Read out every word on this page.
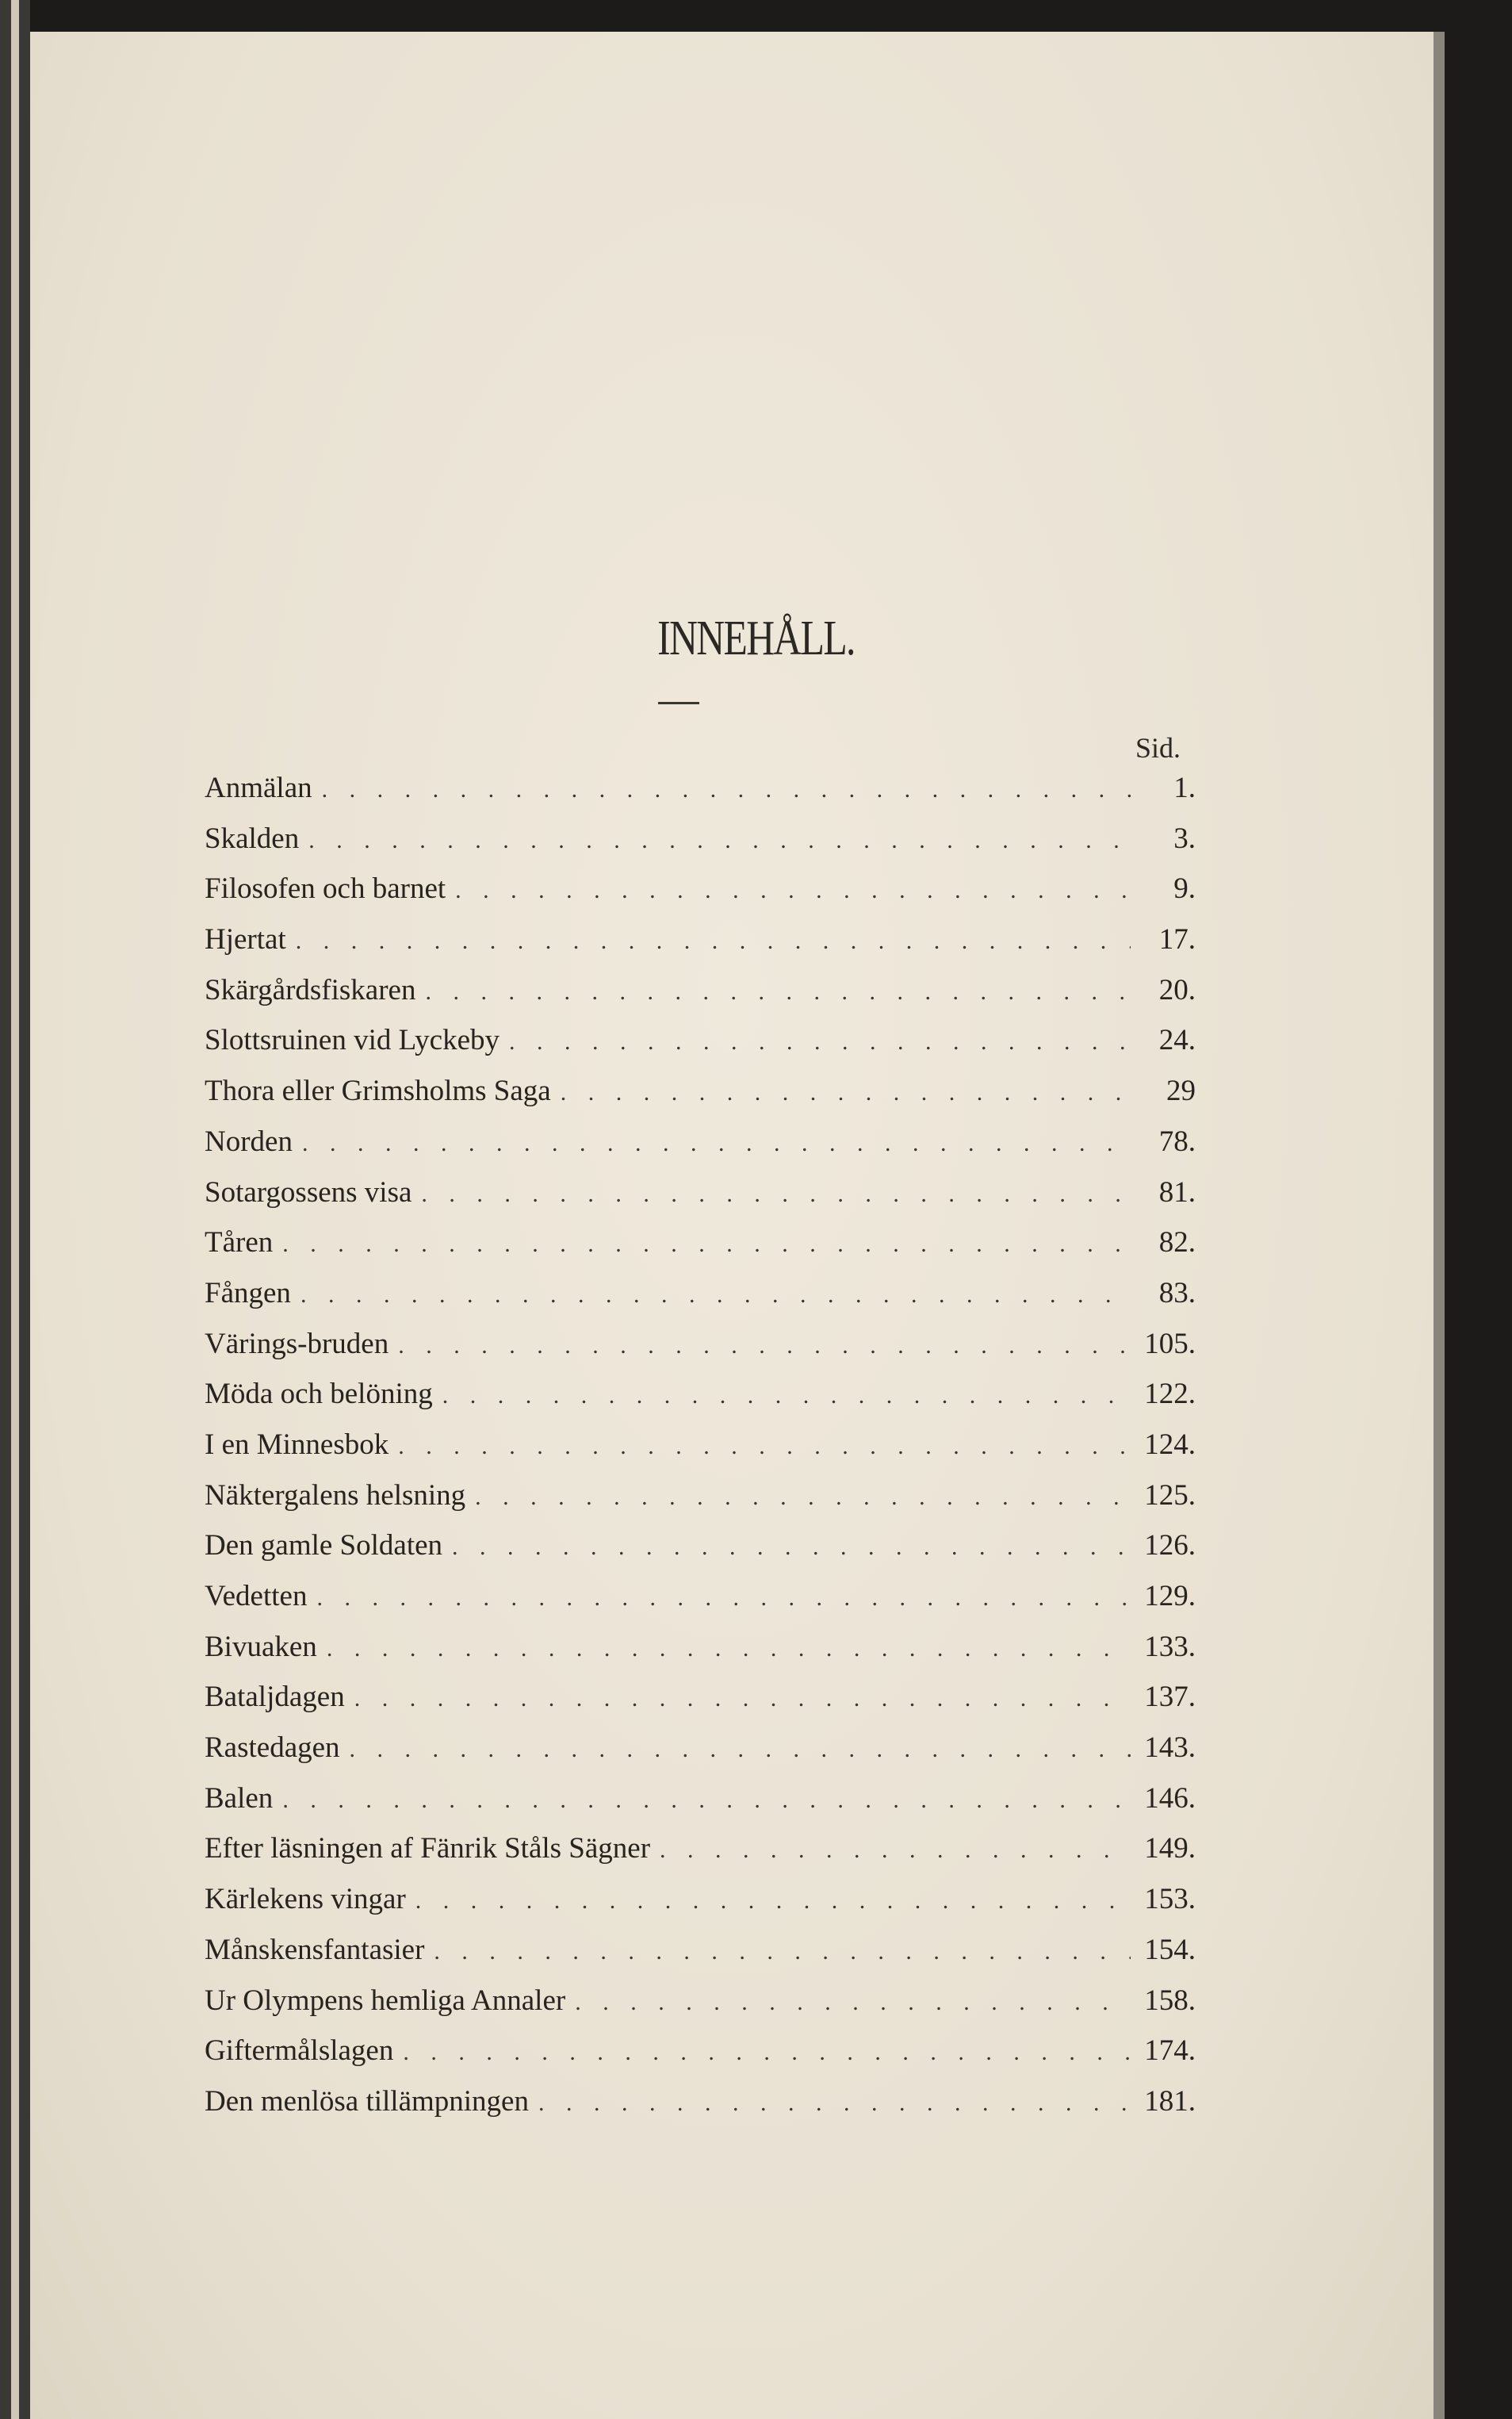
INNEHÅLL.
Sid.
Anmälan . . .	1.
Skalden . . .	3.
Filosofen och barnet . . .	9.
Hjertat . . .	17.
Skärgårdsfiskaren . . .	20.
Slottsruinen vid Lyckeby . . .	24.
Thora eller Grimsholms Saga . . .	29
Norden . . .	78.
Sotargossens visa . . .	81.
Tåren . . .	82.
Fången . . .	83.
Värings-bruden . . .	105.
Möda och belöning . . .	122.
I en Minnesbok . . .	124.
Näktergalens helsning . . .	125.
Den gamle Soldaten . . .	126.
Vedetten . . .	129.
Bivuaken . . .	133.
Bataljdagen . . .	137.
Rastedagen . . .	143.
Balen . . .	146.
Efter läsningen af Fänrik Ståls Sägner . . .	149.
Kärlekens vingar . . .	153.
Månskensfantasier . . .	154.
Ur Olympens hemliga Annaler . . .	158.
Giftermålslagen . . .	174.
Den menlösa tillämpningen . . .	181.
